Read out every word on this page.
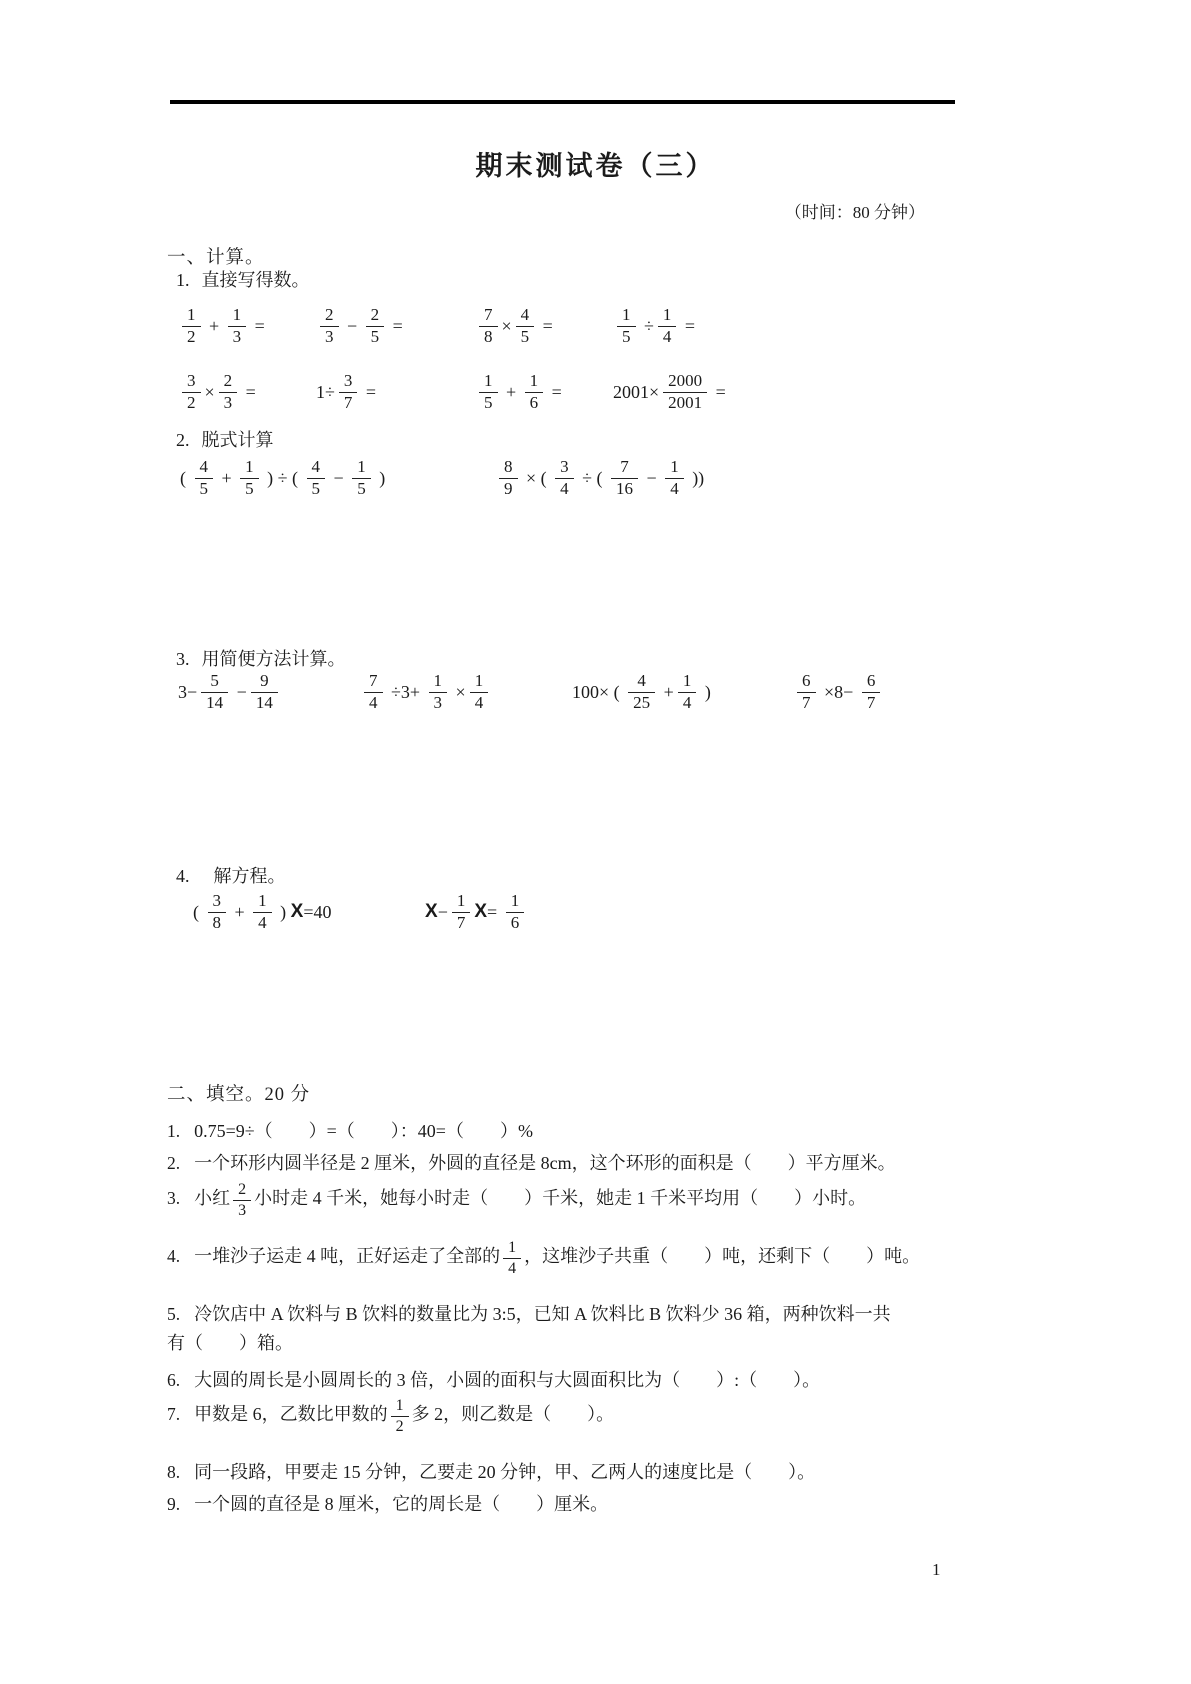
期末测试卷（三）
（时间：80 分钟）
一、计算。
1. 直接写得数。
$\frac{1}{2} + \frac{1}{3}$ =	$\frac{2}{3} - \frac{2}{5}$ =	$\frac{7}{8} \times \frac{4}{5}$ =	$\frac{1}{5} \div \frac{1}{4}$ =
$\frac{3}{2} \times \frac{2}{3}$ =	$1\div \frac{3}{7}$ =	$\frac{1}{5} + \frac{1}{6}$ =	$2001\times \frac{2000}{2001}$ =
2. 脱式计算
( $\frac{4}{5} + \frac{1}{5}$ ) ÷ ( $\frac{4}{5} - \frac{1}{5}$ )	$\frac{8}{9}$ × ( $\frac{3}{4}$ ÷ ( $\frac{7}{16} - \frac{1}{4}$ ))
3. 用简便方法计算。
$3- \frac{5}{14} - \frac{9}{14}$	$\frac{7}{4} \div 3+ \frac{1}{3} \times \frac{1}{4}$	100× ( $\frac{4}{25} + \frac{1}{4}$ )	$\frac{6}{7} \times 8- \frac{6}{7}$
4. 解方程。
( $\frac{3}{8} + \frac{1}{4}$ ) X =40	$X - \frac{1}{7}$ $X = \frac{1}{6}$
二、填空。20 分
1. 0.75=9÷（　　）=（　　）：40=（　　）%
2. 一个环形内圆半径是 2 厘米，外圆的直径是 8cm，这个环形的面积是（　　）平方厘米。
3. 小红 $\frac{2}{3}$ 小时走 4 千米，她每小时走（　　）千米，她走 1 千米平均用（　　）小时。
4. 一堆沙子运走 4 吨，正好运走了全部的 $\frac{1}{4}$ ，这堆沙子共重（　　）吨，还剩下（　　）吨。
5. 冷饮店中 A 饮料与 B 饮料的数量比为 3:5，已知 A 饮料比 B 饮料少 36 箱，两种饮料一共
有（　　）箱。
6. 大圆的周长是小圆周长的 3 倍，小圆的面积与大圆面积比为（　　）:（　　）。
7. 甲数是 6，乙数比甲数的 $\frac{1}{2}$ 多 2，则乙数是（　　）。
8. 同一段路，甲要走 15 分钟，乙要走 20 分钟，甲、乙两人的速度比是（　　）。
9. 一个圆的直径是 8 厘米，它的周长是（　　）厘米。
1
